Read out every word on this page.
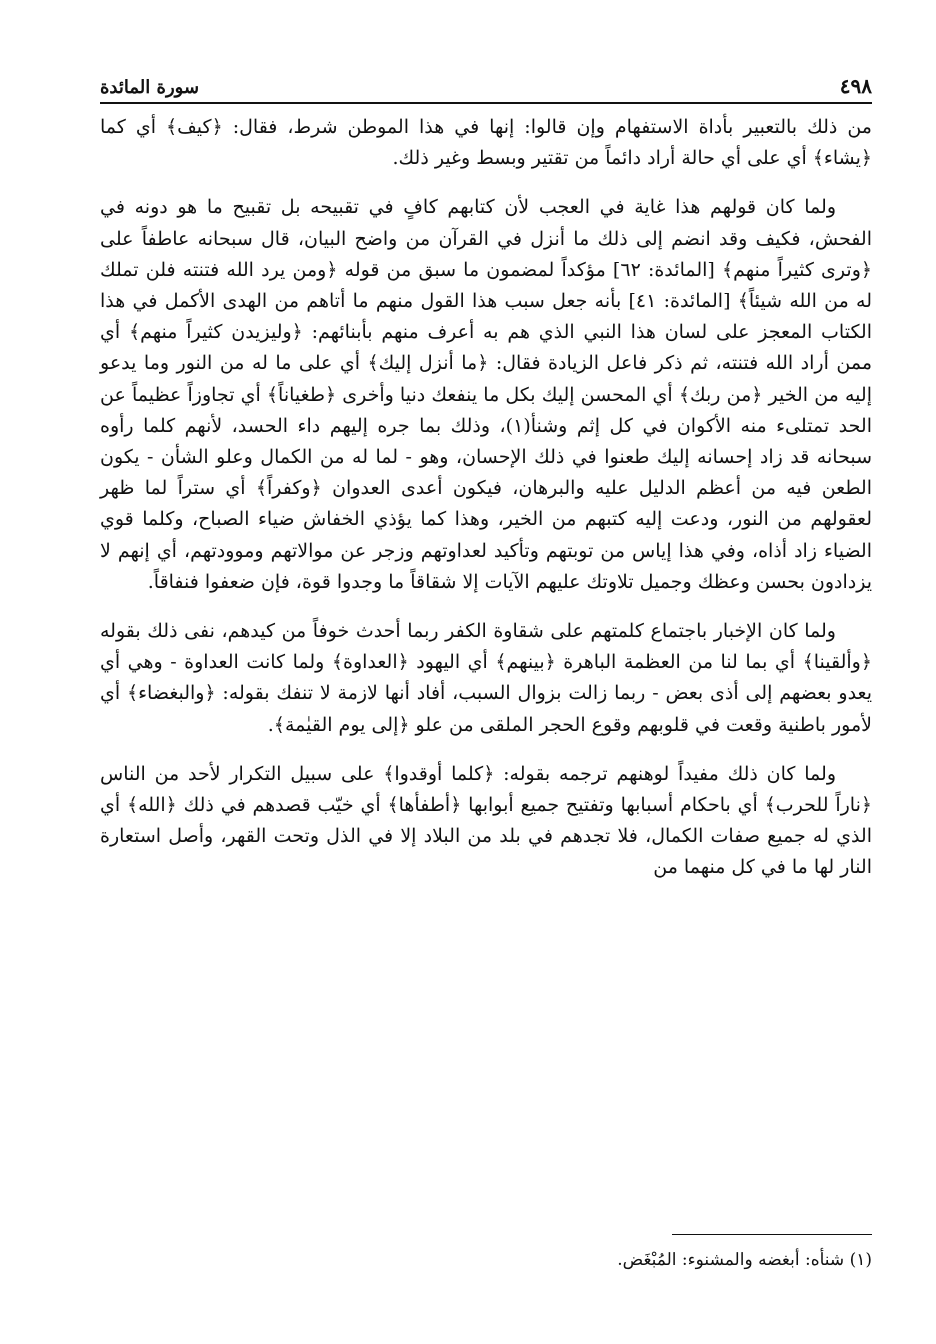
٤٩٨
سورة المائدة

من ذلك بالتعبير بأداة الاستفهام وإن قالوا: إنها في هذا الموطن شرط، فقال: ﴿كيف﴾ أي كما ﴿يشاء﴾ أي على أي حالة أراد دائماً من تقتير وبسط وغير ذلك.

ولما كان قولهم هذا غاية في العجب لأن كتابهم كافٍ في تقبيحه بل تقبيح ما هو دونه في الفحش، فكيف وقد انضم إلى ذلك ما أنزل في القرآن من واضح البيان، قال سبحانه عاطفاً على ﴿وترى كثيراً منهم﴾ [المائدة: ٦٢] مؤكداً لمضمون ما سبق من قوله ﴿ومن يرد الله فتنته فلن تملك له من الله شيئاً﴾ [المائدة: ٤١] بأنه جعل سبب هذا القول منهم ما أتاهم من الهدى الأكمل في هذا الكتاب المعجز على لسان هذا النبي الذي هم به أعرف منهم بأبنائهم: ﴿وليزيدن كثيراً منهم﴾ أي ممن أراد الله فتنته، ثم ذكر فاعل الزيادة فقال: ﴿ما أنزل إليك﴾ أي على ما له من النور وما يدعو إليه من الخير ﴿من ربك﴾ أي المحسن إليك بكل ما ينفعك دنيا وأخرى ﴿طغياناً﴾ أي تجاوزاً عظيماً عن الحد تمتلىء منه الأكوان في كل إثم وشنأ(١)، وذلك بما جره إليهم داء الحسد، لأنهم كلما رأوه سبحانه قد زاد إحسانه إليك طعنوا في ذلك الإحسان، وهو - لما له من الكمال وعلو الشأن - يكون الطعن فيه من أعظم الدليل عليه والبرهان، فيكون أعدى العدوان ﴿وكفراً﴾ أي ستراً لما ظهر لعقولهم من النور، ودعت إليه كتبهم من الخير، وهذا كما يؤذي الخفاش ضياء الصباح، وكلما قوي الضياء زاد أذاه، وفي هذا إياس من توبتهم وتأكيد لعداوتهم وزجر عن موالاتهم وموودتهم، أي إنهم لا يزدادون بحسن وعظك وجميل تلاوتك عليهم الآيات إلا شقاقاً ما وجدوا قوة، فإن ضعفوا فنفاقاً.

ولما كان الإخبار باجتماع كلمتهم على شقاوة الكفر ربما أحدث خوفاً من كيدهم، نفى ذلك بقوله ﴿وألقينا﴾ أي بما لنا من العظمة الباهرة ﴿بينهم﴾ أي اليهود ﴿العداوة﴾ ولما كانت العداوة - وهي أي يعدو بعضهم إلى أذى بعض - ربما زالت بزوال السبب، أفاد أنها لازمة لا تنفك بقوله: ﴿والبغضاء﴾ أي لأمور باطنية وقعت في قلوبهم وقوع الحجر الملقى من علو ﴿إلى يوم القيٰمة﴾.

ولما كان ذلك مفيداً لوهنهم ترجمه بقوله: ﴿كلما أوقدوا﴾ على سبيل التكرار لأحد من الناس ﴿ناراً للحرب﴾ أي باحكام أسبابها وتفتيح جميع أبوابها ﴿أطفأها﴾ أي خيّب قصدهم في ذلك ﴿الله﴾ أي الذي له جميع صفات الكمال، فلا تجدهم في بلد من البلاد إلا في الذل وتحت القهر، وأصل استعارة النار لها ما في كل منهما من

(١) شنأه: أبغضه والمشنوء: المُبْغَض.
